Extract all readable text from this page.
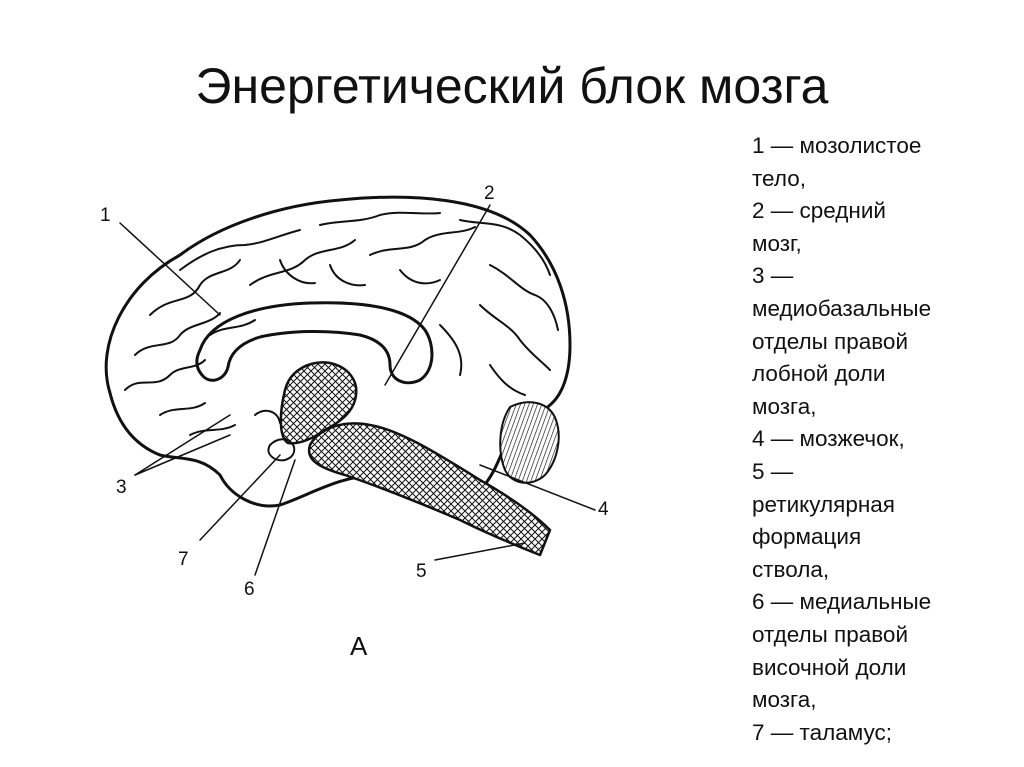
Энергетический блок мозга
1
2
3
4
5
6
7
А
1 — мозолистое
тело,
2 — средний
мозг,
3 —
медиобазальные
отделы правой
лобной доли
мозга,
4 — мозжечок,
5 —
ретикулярная
формация
ствола,
6 — медиальные
отделы правой
височной доли
мозга,
7 — таламус;
